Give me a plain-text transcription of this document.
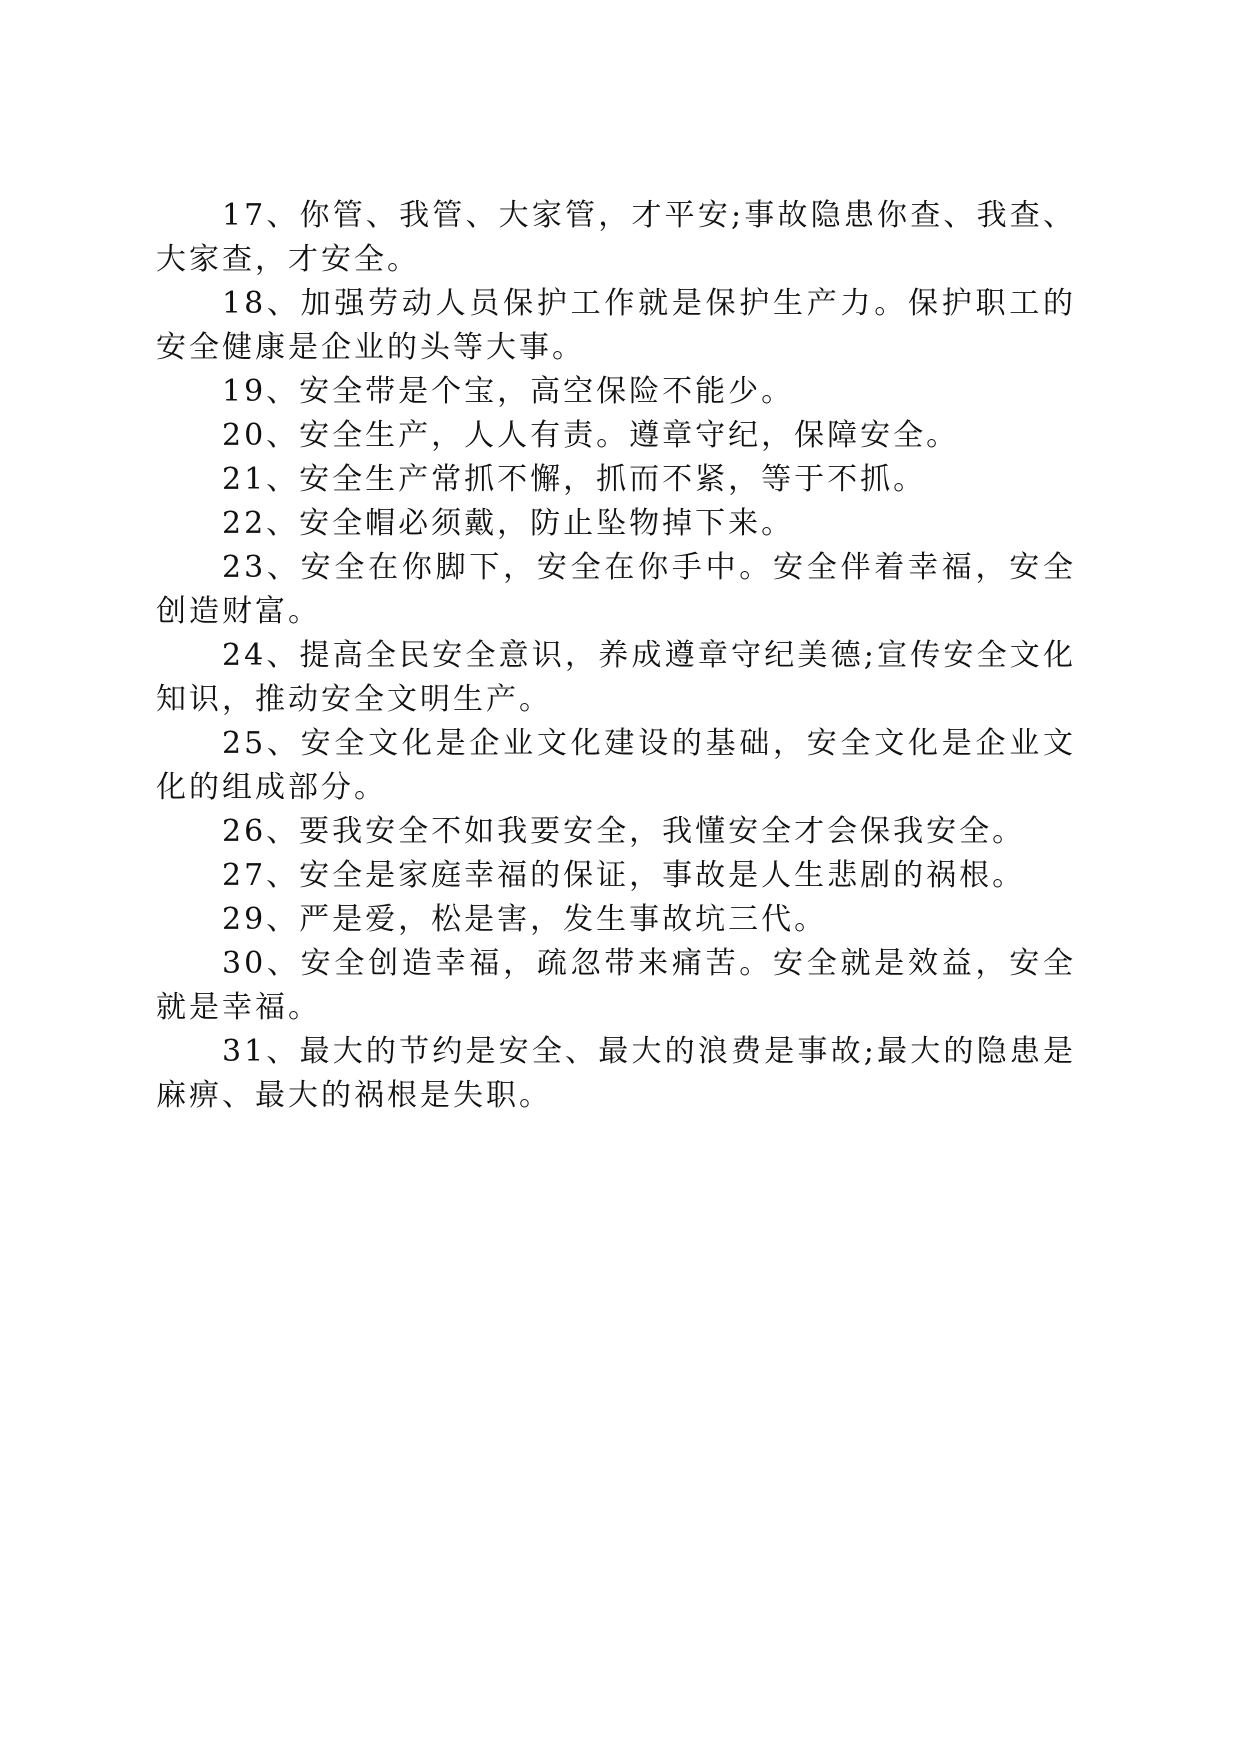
17、你管、我管、大家管，才平安;事故隐患你查、我查、大家查，才安全。

18、加强劳动人员保护工作就是保护生产力。保护职工的安全健康是企业的头等大事。

19、安全带是个宝，高空保险不能少。

20、安全生产，人人有责。遵章守纪，保障安全。

21、安全生产常抓不懈，抓而不紧，等于不抓。

22、安全帽必须戴，防止坠物掉下来。

23、安全在你脚下，安全在你手中。安全伴着幸福，安全创造财富。

24、提高全民安全意识，养成遵章守纪美德;宣传安全文化知识，推动安全文明生产。

25、安全文化是企业文化建设的基础，安全文化是企业文化的组成部分。

26、要我安全不如我要安全，我懂安全才会保我安全。

27、安全是家庭幸福的保证，事故是人生悲剧的祸根。

29、严是爱，松是害，发生事故坑三代。

30、安全创造幸福，疏忽带来痛苦。安全就是效益，安全就是幸福。

31、最大的节约是安全、最大的浪费是事故;最大的隐患是麻痹、最大的祸根是失职。
